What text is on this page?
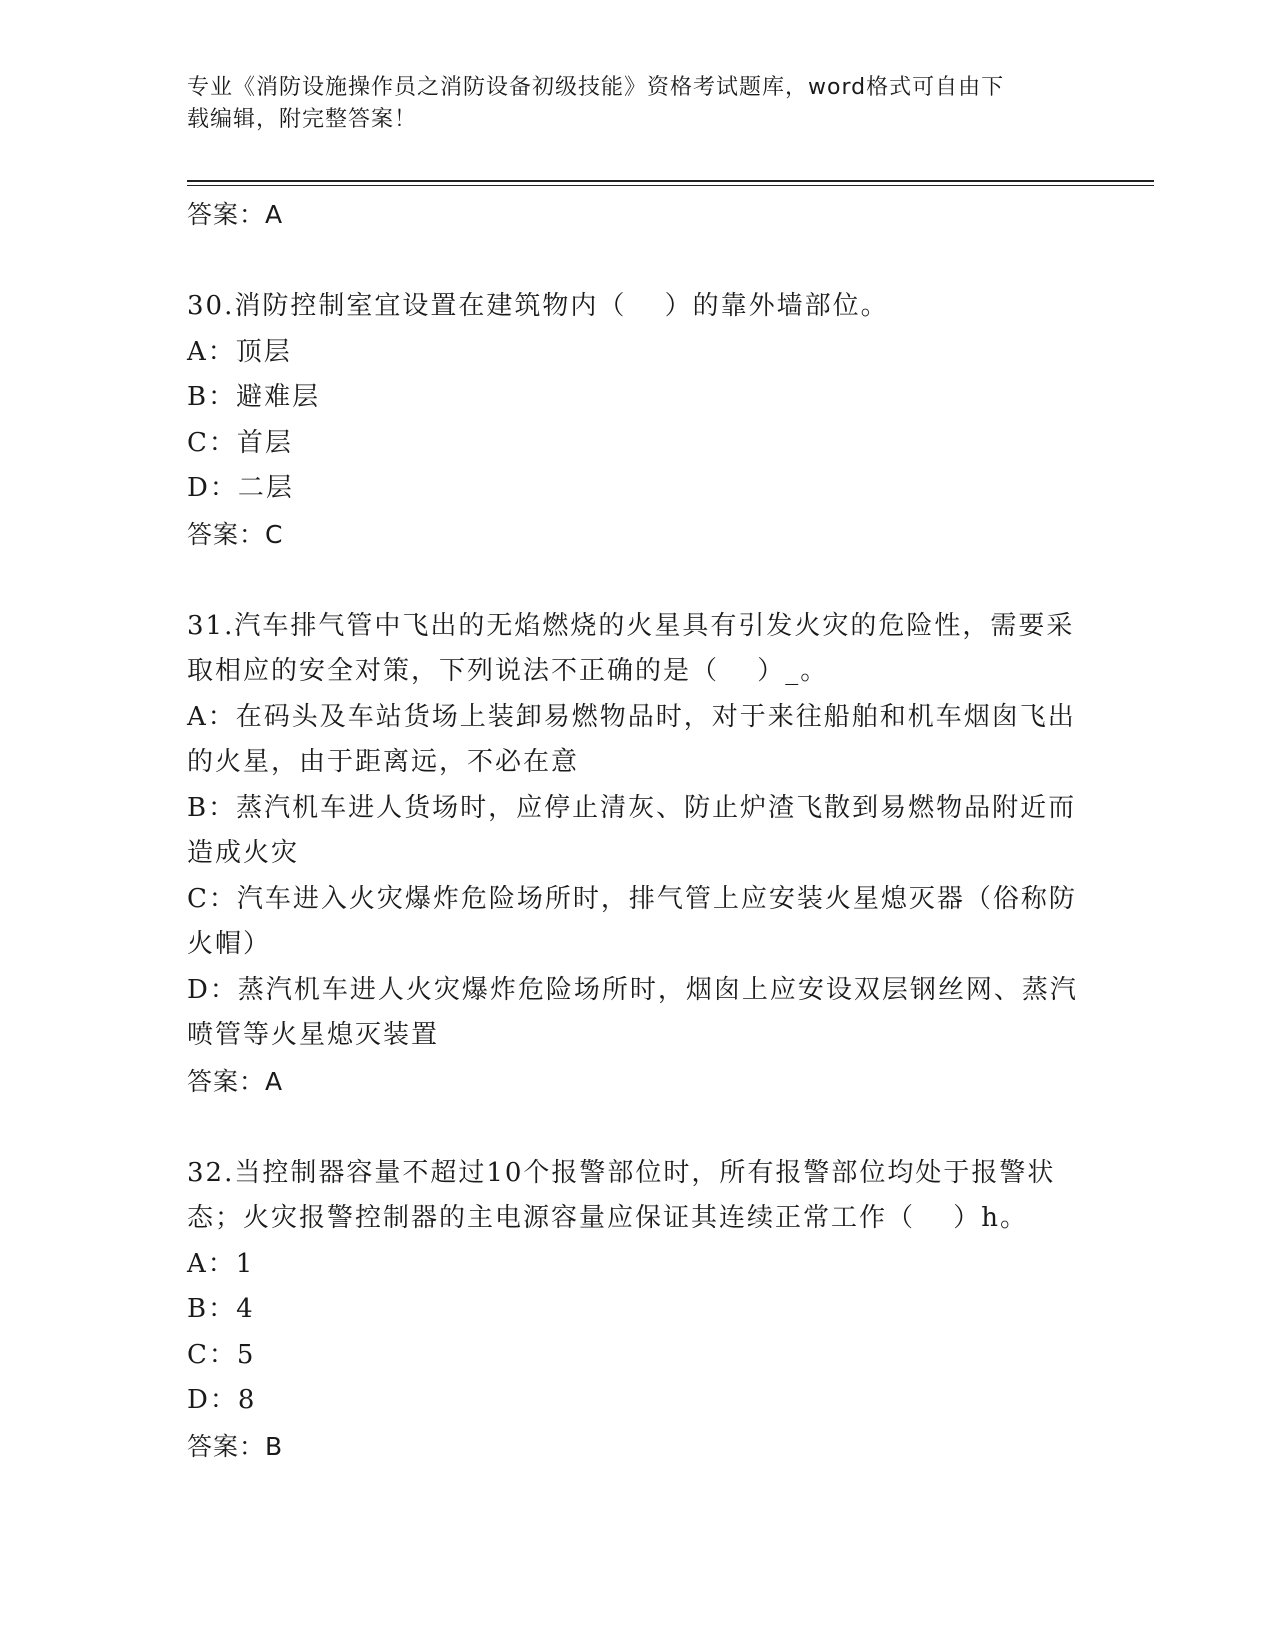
专业《消防设施操作员之消防设备初级技能》资格考试题库，word格式可自由下
载编辑，附完整答案！
答案：A
30.消防控制室宜设置在建筑物内（　 ）的靠外墙部位。
A：顶层
B：避难层
C：首层
D：二层
答案：C
31.汽车排气管中飞出的无焰燃烧的火星具有引发火灾的危险性，需要采取相应的安全对策，下列说法不正确的是（　 ）_。
A：在码头及车站货场上装卸易燃物品时，对于来往船舶和机车烟囱飞出的火星，由于距离远，不必在意
B：蒸汽机车进人货场时，应停止清灰、防止炉渣飞散到易燃物品附近而造成火灾
C：汽车进入火灾爆炸危险场所时，排气管上应安装火星熄灭器（俗称防火帽）
D：蒸汽机车进人火灾爆炸危险场所时，烟囱上应安设双层钢丝网、蒸汽喷管等火星熄灭装置
答案：A
32.当控制器容量不超过10个报警部位时，所有报警部位均处于报警状态；火灾报警控制器的主电源容量应保证其连续正常工作（　 ）h。
A：1
B：4
C：5
D：8
答案：B
